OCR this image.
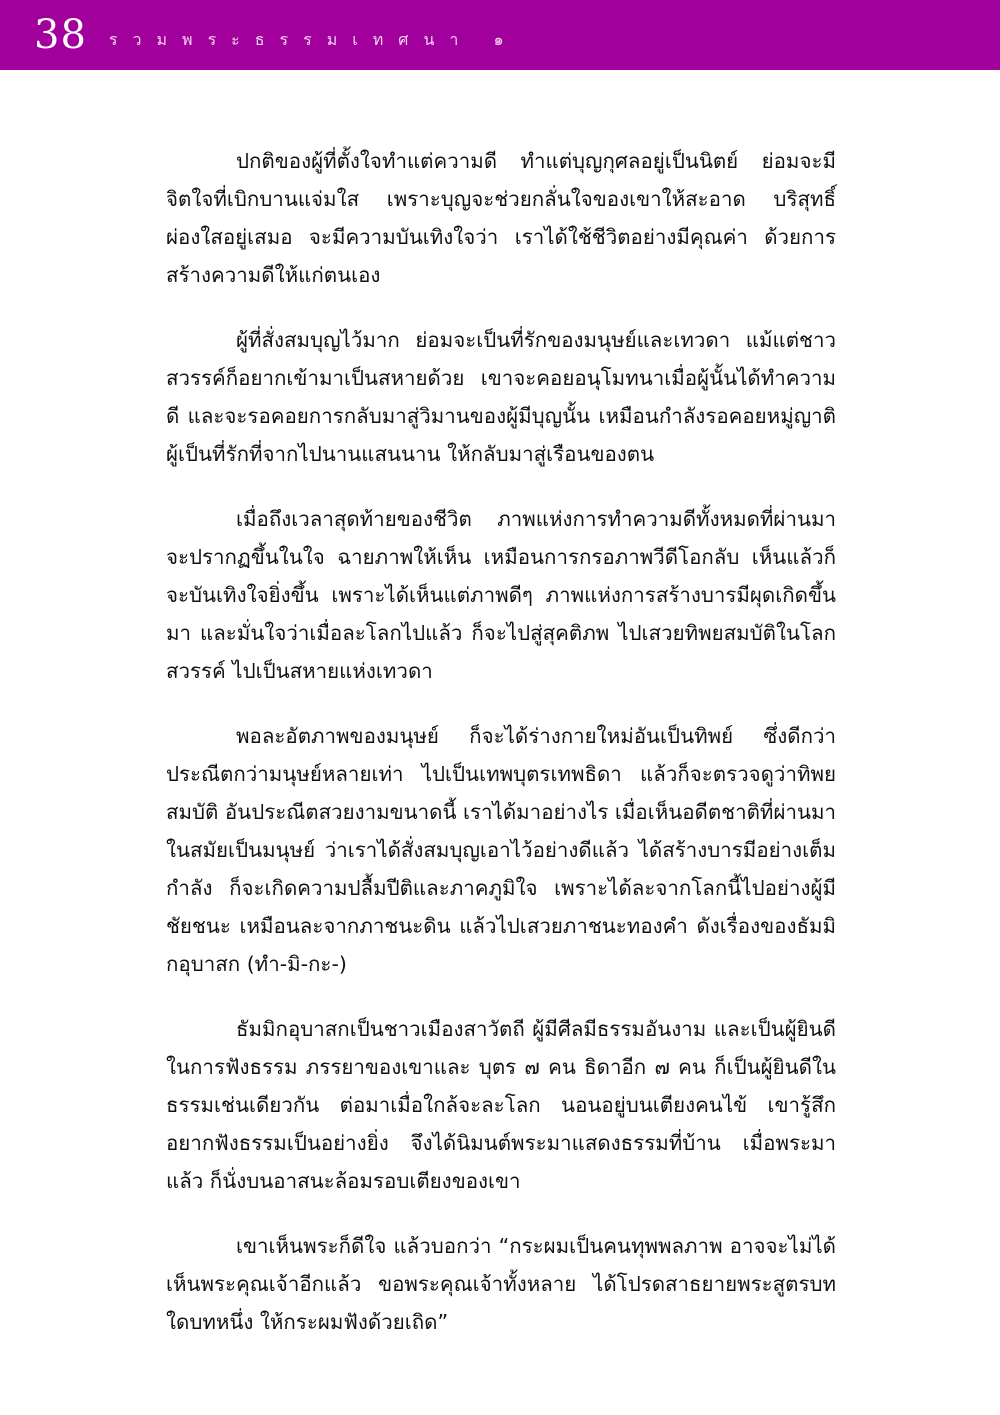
38 รวมพระธรรมเทศนา ๑

ปกติของผู้ที่ตั้งใจทำแต่ความดี ทำแต่บุญกุศลอยู่เป็นนิตย์ ย่อมจะมีจิตใจที่เบิกบานแจ่มใส เพราะบุญจะช่วยกลั่นใจของเขาให้สะอาด บริสุทธิ์ ผ่องใสอยู่เสมอ จะมีความบันเทิงใจว่า เราได้ใช้ชีวิตอย่างมีคุณค่า ด้วยการสร้างความดีให้แก่ตนเอง

ผู้ที่สั่งสมบุญไว้มาก ย่อมจะเป็นที่รักของมนุษย์และเทวดา แม้แต่ชาวสวรรค์ก็อยากเข้ามาเป็นสหายด้วย เขาจะคอยอนุโมทนาเมื่อผู้นั้นได้ทำความดี และจะรอคอยการกลับมาสู่วิมานของผู้มีบุญนั้น เหมือนกำลังรอคอยหมู่ญาติผู้เป็นที่รักที่จากไปนานแสนนาน ให้กลับมาสู่เรือนของตน

เมื่อถึงเวลาสุดท้ายของชีวิต ภาพแห่งการทำความดีทั้งหมดที่ผ่านมาจะปรากฏขึ้นในใจ ฉายภาพให้เห็น เหมือนการกรอภาพวีดีโอกลับ เห็นแล้วก็จะบันเทิงใจยิ่งขึ้น เพราะได้เห็นแต่ภาพดีๆ ภาพแห่งการสร้างบารมีผุดเกิดขึ้นมา และมั่นใจว่าเมื่อละโลกไปแล้ว ก็จะไปสู่สุคติภพ ไปเสวยทิพยสมบัติในโลกสวรรค์ ไปเป็นสหายแห่งเทวดา

พอละอัตภาพของมนุษย์ ก็จะได้ร่างกายใหม่อันเป็นทิพย์ ซึ่งดีกว่าประณีตกว่ามนุษย์หลายเท่า ไปเป็นเทพบุตรเทพธิดา แล้วก็จะตรวจดูว่าทิพยสมบัติ อันประณีตสวยงามขนาดนี้ เราได้มาอย่างไร เมื่อเห็นอดีตชาติที่ผ่านมาในสมัยเป็นมนุษย์ ว่าเราได้สั่งสมบุญเอาไว้อย่างดีแล้ว ได้สร้างบารมีอย่างเต็มกำลัง ก็จะเกิดความปลื้มปีติและภาคภูมิใจ เพราะได้ละจากโลกนี้ไปอย่างผู้มีชัยชนะ เหมือนละจากภาชนะดิน แล้วไปเสวยภาชนะทองคำ ดังเรื่องของธัมมิกอุบาสก (ทำ-มิ-กะ-)

ธัมมิกอุบาสกเป็นชาวเมืองสาวัตถี ผู้มีศีลมีธรรมอันงาม และเป็นผู้ยินดีในการฟังธรรม ภรรยาของเขาและ บุตร ๗ คน ธิดาอีก ๗ คน ก็เป็นผู้ยินดีในธรรมเช่นเดียวกัน ต่อมาเมื่อใกล้จะละโลก นอนอยู่บนเตียงคนไข้ เขารู้สึกอยากฟังธรรมเป็นอย่างยิ่ง จึงได้นิมนต์พระมาแสดงธรรมที่บ้าน เมื่อพระมาแล้ว ก็นั่งบนอาสนะล้อมรอบเตียงของเขา

เขาเห็นพระก็ดีใจ แล้วบอกว่า “กระผมเป็นคนทุพพลภาพ อาจจะไม่ได้เห็นพระคุณเจ้าอีกแล้ว ขอพระคุณเจ้าทั้งหลาย ได้โปรดสาธยายพระสูตรบทใดบทหนึ่ง ให้กระผมฟังด้วยเถิด”
